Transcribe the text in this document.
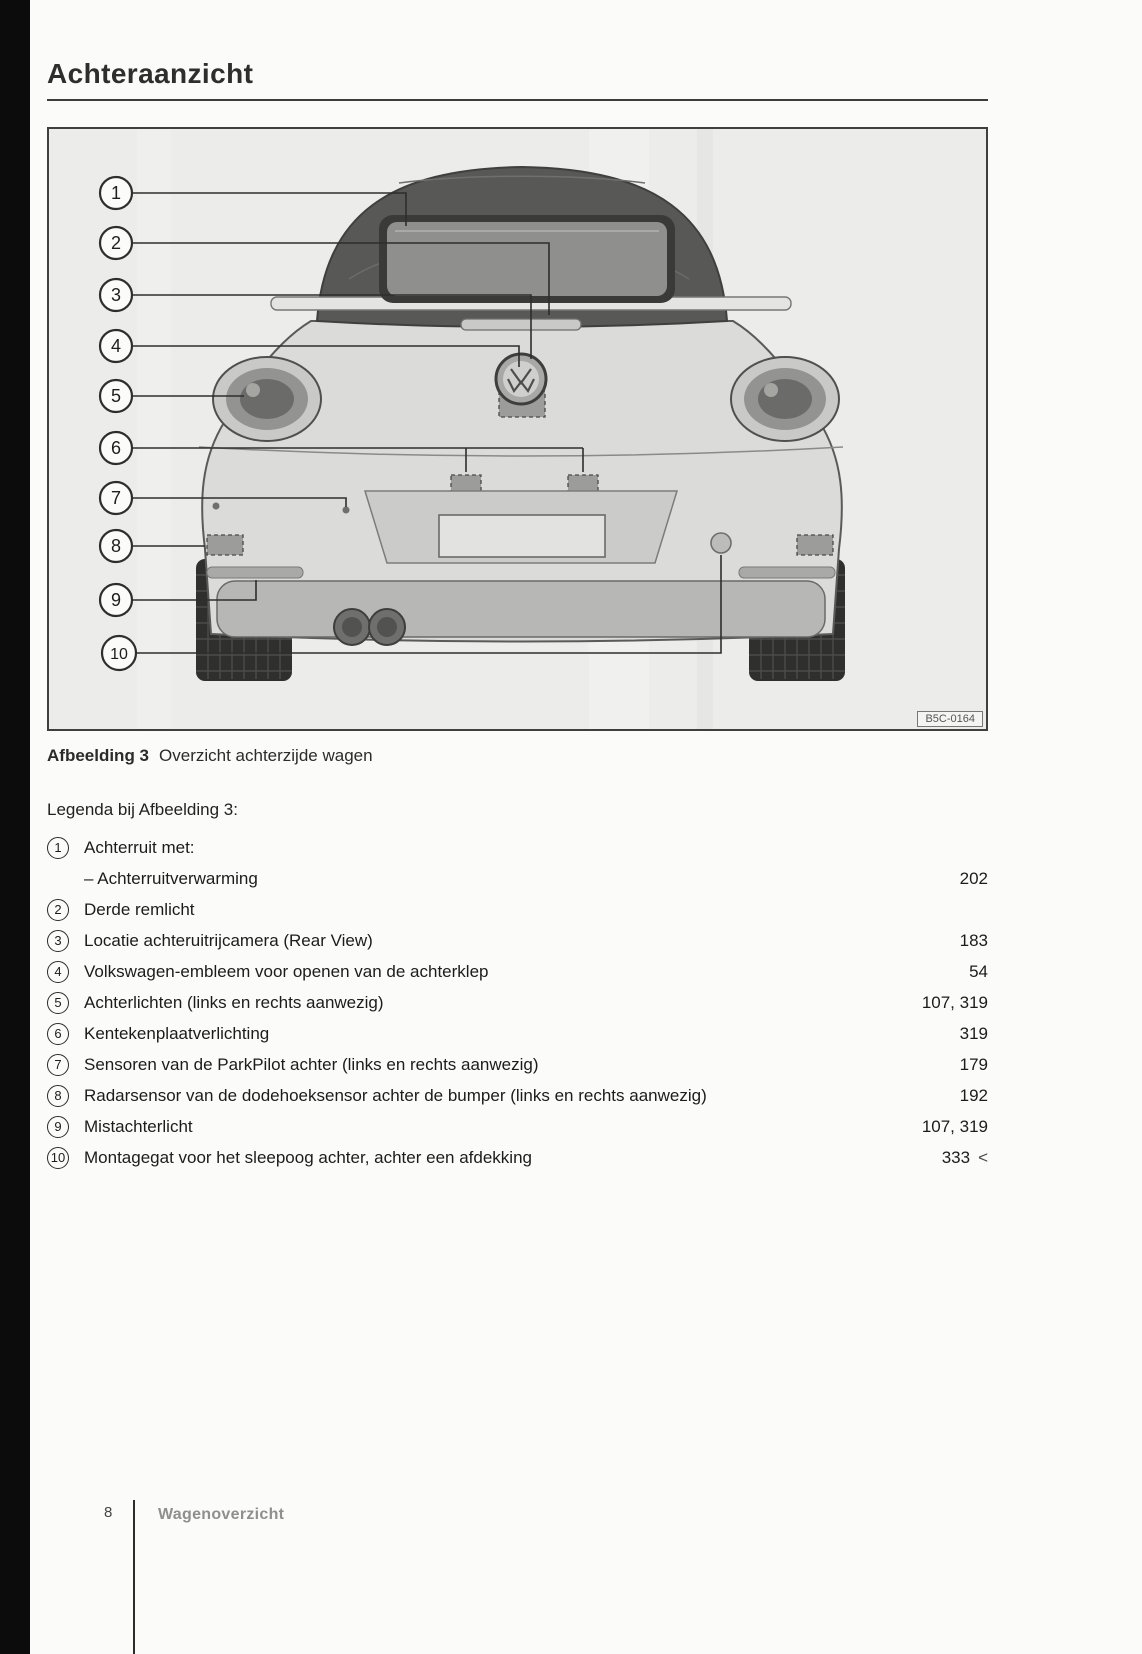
Achteraanzicht
1
2
3
4
5
6
7
8
9
10
B5C-0164
Afbeelding 3 Overzicht achterzijde wagen
Legenda bij Afbeelding 3:
1	Achterruit met:
– Achterruitverwarming	202
2	Derde remlicht
3	Locatie achteruitrijcamera (Rear View)	183
4	Volkswagen-embleem voor openen van de achterklep	54
5	Achterlichten (links en rechts aanwezig)	107, 319
6	Kentekenplaatverlichting	319
7	Sensoren van de ParkPilot achter (links en rechts aanwezig)	179
8	Radarsensor van de dodehoeksensor achter de bumper (links en rechts aanwezig)	192
9	Mistachterlicht	107, 319
10 Montagegat voor het sleepoog achter, achter een afdekking	333 <
8	Wagenoverzicht
